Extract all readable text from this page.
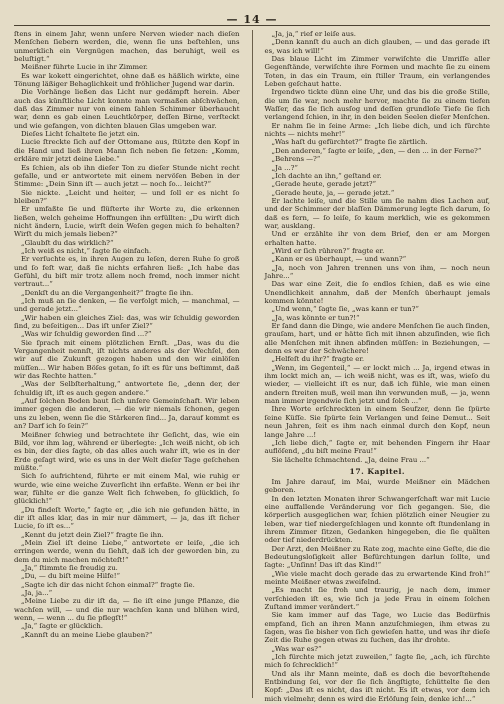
— 14 —

ſtens in einem Jahr, wenn unſere Nerven wieder nach dieſen Menſchen ſiebern werden, die, wenn ſie uns beſtehlen, uns unmerklich ein Vergnügen machen, das beruhigt, weil es beluſtigt.“

Meißner führte Lucie in ihr Zimmer.

Es war kokett eingerichtet, ohne daß es häßlich wirkte, eine Tönung läßiger Behaglichkeit und fröhlicher Jugend war darin.

Die Vorhänge ließen das Licht nur gedämpft herein. Aber auch das künſtliche Licht konnte man vermaßen abſchwächen, daß das Zimmer nur von einem ſahlen Schimmer überhaucht war, denn es gab einen Leuchtkörper, deſſen Birne, verſteckt und wie gefangen, von dichten blauen Glas umgeben war.

Dieſes Licht ſchaltete ſie jetzt ein.

Lucie ſtreckte ſich auf der Ottomane aus, ſtützte den Kopf in die Hand und ließ ihren Mann ſich neben ſie ſetzen: „Komm, erkläre mir jetzt deine Liebe.“

Es ſchien, als ob ihn dieſer Ton zu dieſer Stunde nicht recht gefalle, und er antwortete mit einem nervöſen Beben in der Stimme: „Dein Sinn iſt — auch jetzt — noch ſo... leicht?“

Sie nickte. „Leicht und heiter, — und ſoll er es nicht ſo bleiben?“

Er umfaßte ſie und flüſterte ihr Worte zu, die erkennen ließen, welch geheime Hoffnungen ihn erfüllten: „Du wirſt dich nicht ändern, Lucie, wirſt dein Weſen gegen mich ſo behalten? Wirſt du mich jemals lieben?“

„Glaubſt du das wirklich?“

„Ich weiß es nicht,“ ſagte ſie einfach.

Er verſuchte es, in ihren Augen zu leſen, deren Ruhe ſo groß und ſo feſt war, daß ſie nichts erfahren ließ: „Ich habe das Gefühl, du biſt mir trotz allem noch fremd, noch immer nicht vertraut...“

„Denkſt du an die Vergangenheit?“ fragte ſie ihn.

„Ich muß an ſie denken, — ſie verfolgt mich, — manchmal, — und gerade jetzt...“

„Wir haben ein gleiches Ziel: das, was wir ſchuldig geworden ſind, zu beſeitigen... Das iſt unſer Ziel?“

„Was wir ſchuldig geworden ſind ...?“

Sie ſprach mit einem plötzlichen Ernſt. „Das, was du die Vergangenheit nennſt, iſt nichts anderes als der Wechſel, den wir auf die Zukunft gezogen haben und den wir einlöſen müſſen... Wir haben Böſes getan, ſo iſt es für uns beſtimmt, daß wir das Rechte hatten.“

„Was der Selbſterhaltung,“ antwortete ſie, „denn der, der ſchuldig iſt, iſt es auch gegen andere.“

„Auf ſolchen Boden baut ſich unſere Gemeinſchaft. Wir leben immer gegen die anderen, — die wir niemals ſchonen, gegen uns zu leben, wenn ſie die Stärkeren ſind... Ja, darauf kommt es an? Darf ich ſo ſein?“

Meißner ſchwieg und betrachtete ihr Geſicht, das, wie ein Bild, vor ihm lag, während er überlegte: „Ich weiß nicht, ob ich es bin, der dies ſagte, ob das alles auch wahr iſt, wie es in der Erde geſagt wird, wie es uns in der Welt dieſer Tage geſchehen müßte.“

Sich ſo aufrichtend, führte er mit einem Mal, wie ruhig er wurde, wie eine weiche Zuverſicht ihn erfaßte. Wenn er bei ihr war, fühlte er die ganze Welt ſich ſchweben, ſo glücklich, ſo glücklich!“

„Du findeſt Worte,“ ſagte er, „die ich nie gefunden hätte, in dir iſt alles klar, das in mir nur dämmert, — ja, das iſt ſicher Lucie, ſo iſt es...“

„Kennt du jetzt dein Ziel?“ fragte ſie ihn.

„Mein Ziel iſt deine Liebe,“ antwortete er leiſe, „die ich erringen werde, wenn du ſiehſt, daß ich der geworden bin, zu dem du mich machen möchteſt!“

„Ja,“ ſtimmte ſie freudig zu.

„Du, — du biſt meine Hilfe!“

„Sagte ich dir das nicht ſchon einmal?“ fragte ſie.

„Ja, ja...“

„Meine Liebe zu dir iſt da, — ſie iſt eine junge Pflanze, die wachſen will, — und die nur wachſen kann und blühen wird, wenn, — wenn ... du ſie pflegſt!“

„Ja,“ ſagte er glücklich.

„Kannſt du an meine Liebe glauben?“

„Ja, ja,“ rief er leiſe aus.

„Denn kannſt du auch an dich glauben, — und das gerade iſt es, was ich will!“

Das blaue Licht im Zimmer verwiſchte die Umriſſe aller Gegenſtände, verwiſchte ihre Formen und machte ſie zu einem Toten, in das ein Traum, ein ſtiller Traum, ein verlangendes Leben geſchaut hatte.

Irgendwo tickte dünn eine Uhr, und das bis die große Stille, die um ſie war, noch mehr hervor, machte ſie zu einem tiefen Waſſer, das ſie ſich ausſog und deſſen grundloſe Tiefe ſie ſich verlangend ſchien, in ihr, in den beiden Seelen dieſer Menſchen.

Er nahm ſie in ſeine Arme: „Ich liebe dich, und ich fürchte nichts — nichts mehr!“

„Was haſt du gefürchtet?“ fragte ſie zärtlich.

„Den anderen,“ ſagte er leiſe, „den, — den ... in der Ferne?“

„Behrens —?“

„Ja ...?“

„Ich dachte an ihn,“ geſtand er.

„Gerade heute, gerade jetzt?“

„Gerade heute, ja, — gerade jetzt.“

Er lachte leiſe, und die Stille um ſie nahm dies Lachen auf, und der Schimmer der blaſſen Dämmerung legte ſich darum, ſo daß es fern, — ſo leiſe, ſo kaum merklich, wie es gekommen war, ausklang.

Und er erzählte ihr von dem Brief, den er am Morgen erhalten hatte.

„Wird er ſich rühren?“ fragte er.

„Kann er es überhaupt, — und wann?“

„Ja, noch von Jahren trennen uns von ihm, — noch neun Jahre...“

Das war eine Zeit, die ſo endlos ſchien, daß es wie eine Unendlichkeit annahm, daß der Menſch überhaupt jemals kommen könnte!

„Und wenn,“ ſagte ſie, „was kann er tun?“

„Ja, was könnte er tun?!“

Er ſand dann die Dinge, wie andere Menſchen ſie auch ſinden, grauſam, hart, und er hätte ſich mit ihnen abzuſinden, wie ſich alle Menſchen mit ihnen abfinden müſſen: in Beziehungen, — denn es war der Schwächere!

„Helfeſt du ihr?“ fragte er.

„Wenn, im Gegenteil,“ — er lockt mich ... Ja, irgend etwas in ihm lockt mich an, — ich weiß nicht, was es iſt, was, wieſo du wieder, — vielleicht iſt es nur, daß ich fühle, wie man einen andern ſtreiten muß, weil man ihn verwunden muß, — ja, wenn man immer irgendwie ſich jetzt und ſolch ...“

Ihre Worte erſchreckten in einem Seufzer, denn ſie ſpürte ſeine Küſſe. Sie ſpürte ſein Verlangen und ſeine Demut... Seit neun Jahren, ſeit es ihm nach einmal durch den Kopf, neun lange Jahre ...!

„Ich liebe dich,“ ſagte er, mit behenden Fingern ihr Haar auflöſend, „du biſt meine Frau!“

Sie lächelte ſchmachtend. „Ja, deine Frau ...“

17. Kapitel.

Im Jahre darauf, im Mai, wurde Meißner ein Mädchen geboren.

In den letzten Monaten ihrer Schwangerſchaft war mit Lucie eine auffallende Veränderung vor ſich gegangen. Sie, die körperlich ausgeglichen war, ſchien plötzlich einer Neugier zu leben, war tief niedergeſchlagen und konnte oft ſtundenlang in ihrem Zimmer ſitzen, Gedanken hingegeben, die ſie quälten oder tief niederdrückten.

Der Arzt, den Meißner zu Rate zog, machte eine Geſte, die die Bedeutungsloſigkeit aller Befürchtungen darlun ſollte, und ſagte: „Unſinn! Das iſt das Kind!“

„Wie viele macht doch gerade das zu erwartende Kind froh!“ meinte Meißner etwas zweifelnd.

„Es macht ſie froh und traurig, je nach dem, immer verſchieden iſt es, wie ſich ja jede Frau in einem ſolchen Zuſtand immer verändert.“

Sie kam immer auf das Tage, wo Lucie das Bedürfnis empfand, ſich an ihren Mann anzuſchmiegen, ihm etwas zu ſagen, was ſie bisher von ſich gewieſen hatte, und was ihr dieſe Zeit die Ruhe gegen etwas zu ſuchen, das ihr drohte.

„Was war es?“

„Ich fürchte mich jetzt zuweilen,“ ſagte ſie, „ach, ich fürchte mich ſo ſchrecklich!“

Und als ihr Mann meinte, daß es doch die bevorſtehende Entbindung ſei, vor der ſie ſich ängſtigte, ſchüttelte ſie den Kopf: „Das iſt es nicht, das iſt nicht. Es iſt etwas, vor dem ich mich vielmehr, denn es wird die Erlöſung ſein, denke ich!...“
